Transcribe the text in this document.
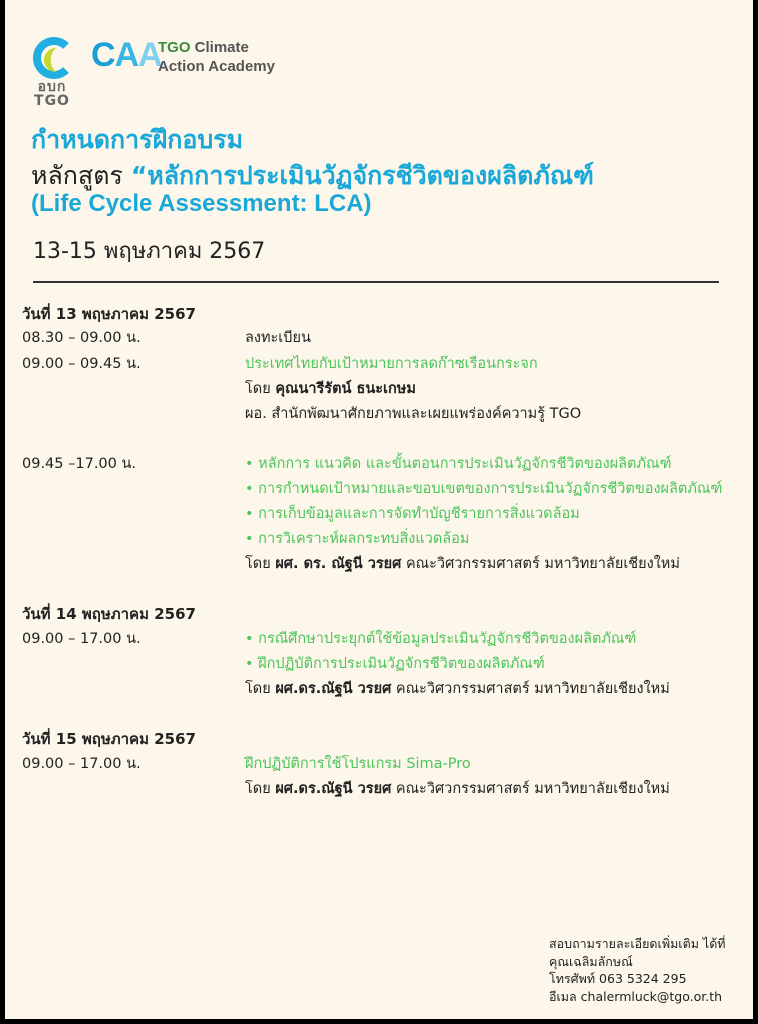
อบก
TGO
CAA
TGO Climate
Action Academy
กำหนดการฝึกอบรม
หลักสูตร “หลักการประเมินวัฏจักรชีวิตของผลิตภัณฑ์
(Life Cycle Assessment: LCA)
13-15 พฤษภาคม 2567
วันที่ 13 พฤษภาคม 2567
08.30 – 09.00 น.	ลงทะเบียน
09.00 – 09.45 น.	ประเทศไทยกับเป้าหมายการลดก๊าซเรือนกระจก
โดย คุณนารีรัตน์ ธนะเกษม
ผอ. สำนักพัฒนาศักยภาพและเผยแพร่องค์ความรู้ TGO
09.45 –17.00 น.	• หลักการ แนวคิด และขั้นตอนการประเมินวัฏจักรชีวิตของผลิตภัณฑ์
• การกำหนดเป้าหมายและขอบเขตของการประเมินวัฏจักรชีวิตของผลิตภัณฑ์
• การเก็บข้อมูลและการจัดทำบัญชีรายการสิ่งแวดล้อม
• การวิเคราะห์ผลกระทบสิ่งแวดล้อม
โดย ผศ. ดร. ณัฐนี วรยศ คณะวิศวกรรมศาสตร์ มหาวิทยาลัยเชียงใหม่
วันที่ 14 พฤษภาคม 2567
09.00 – 17.00 น.	• กรณีศึกษาประยุกต์ใช้ข้อมูลประเมินวัฏจักรชีวิตของผลิตภัณฑ์
• ฝึกปฏิบัติการประเมินวัฏจักรชีวิตของผลิตภัณฑ์
โดย ผศ.ดร.ณัฐนี วรยศ คณะวิศวกรรมศาสตร์ มหาวิทยาลัยเชียงใหม่
วันที่ 15 พฤษภาคม 2567
09.00 – 17.00 น.	ฝึกปฏิบัติการใช้โปรแกรม Sima-Pro
โดย ผศ.ดร.ณัฐนี วรยศ คณะวิศวกรรมศาสตร์ มหาวิทยาลัยเชียงใหม่
สอบถามรายละเอียดเพิ่มเติม ได้ที่
คุณเฉลิมลักษณ์
โทรศัพท์ 063 5324 295
อีเมล chalermluck@tgo.or.th
